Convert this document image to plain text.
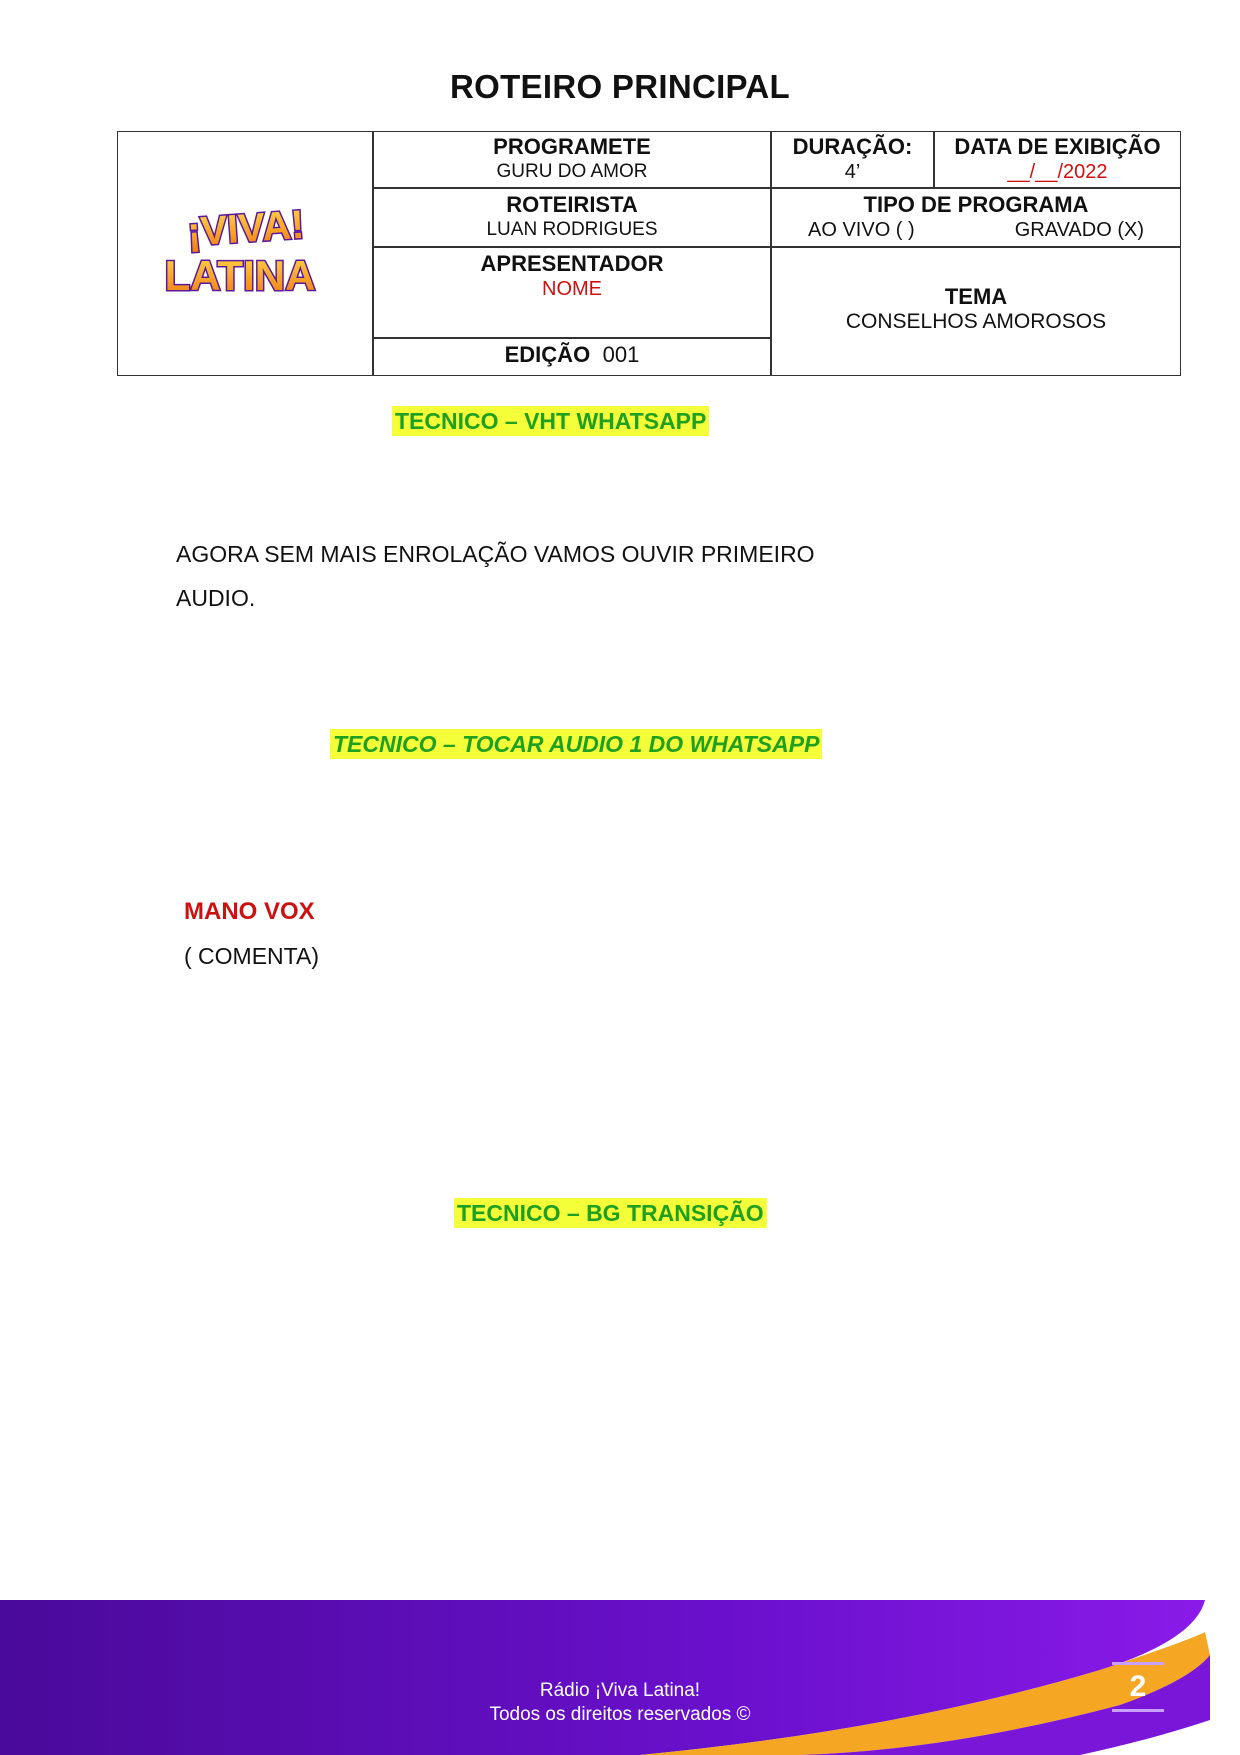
ROTEIRO PRINCIPAL
¡VIVA!
LATINA
PROGRAMETE
GURU DO AMOR
DURAÇÃO:
4’
DATA DE EXIBIÇÃO
__/__/2022
ROTEIRISTA
LUAN RODRIGUES
TIPO DE PROGRAMA
AO VIVO ( )	GRAVADO (X)
APRESENTADOR
NOME
EDIÇÃO 001
TEMA
CONSELHOS AMOROSOS
TECNICO – VHT WHATSAPP
AGORA SEM MAIS ENROLAÇÃO VAMOS OUVIR PRIMEIRO
AUDIO.
TECNICO – TOCAR AUDIO 1 DO WHATSAPP
MANO VOX
( COMENTA)
TECNICO – BG TRANSIÇÃO
Rádio ¡Viva Latina!
Todos os direitos reservados ©
2
